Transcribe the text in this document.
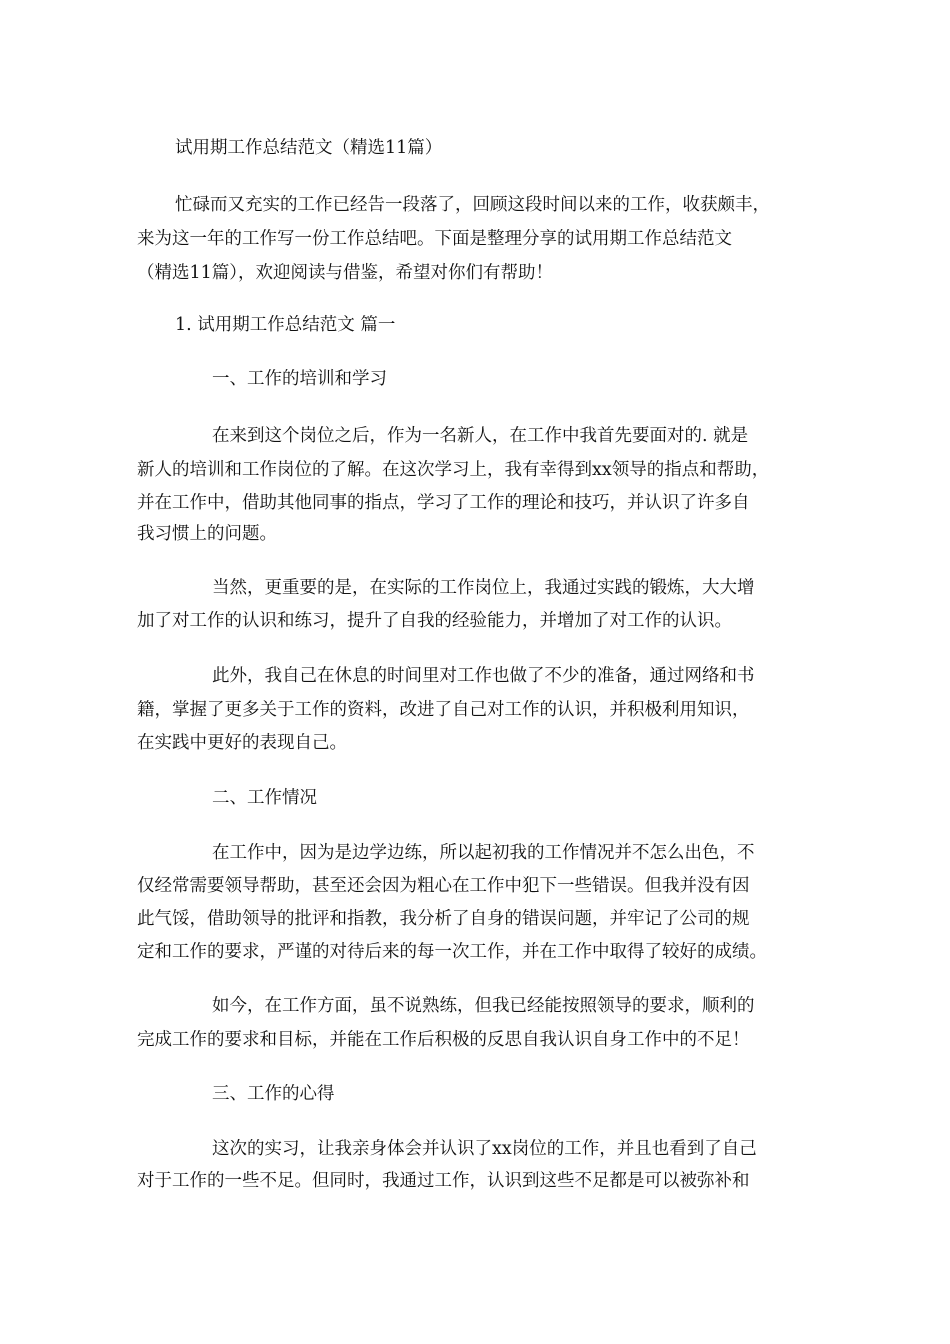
试用期工作总结范文（精选11篇）

忙碌而又充实的工作已经告一段落了，回顾这段时间以来的工作，收获颇丰，

来为这一年的工作写一份工作总结吧。下面是整理分享的试用期工作总结范文

（精选11篇），欢迎阅读与借鉴，希望对你们有帮助！

1. 试用期工作总结范文 篇一

一、工作的培训和学习

在来到这个岗位之后，作为一名新人，在工作中我首先要面对的. 就是

新人的培训和工作岗位的了解。在这次学习上，我有幸得到xx领导的指点和帮助，

并在工作中，借助其他同事的指点，学习了工作的理论和技巧，并认识了许多自

我习惯上的问题。

当然，更重要的是，在实际的工作岗位上，我通过实践的锻炼，大大增

加了对工作的认识和练习，提升了自我的经验能力，并增加了对工作的认识。

此外，我自己在休息的时间里对工作也做了不少的准备，通过网络和书

籍，掌握了更多关于工作的资料，改进了自己对工作的认识，并积极利用知识，

在实践中更好的表现自己。

二、工作情况

在工作中，因为是边学边练，所以起初我的工作情况并不怎么出色，不

仅经常需要领导帮助，甚至还会因为粗心在工作中犯下一些错误。但我并没有因

此气馁，借助领导的批评和指教，我分析了自身的错误问题，并牢记了公司的规

定和工作的要求，严谨的对待后来的每一次工作，并在工作中取得了较好的成绩。

如今，在工作方面，虽不说熟练，但我已经能按照领导的要求，顺利的

完成工作的要求和目标，并能在工作后积极的反思自我认识自身工作中的不足！

三、工作的心得

这次的实习，让我亲身体会并认识了xx岗位的工作，并且也看到了自己

对于工作的一些不足。但同时，我通过工作，认识到这些不足都是可以被弥补和
